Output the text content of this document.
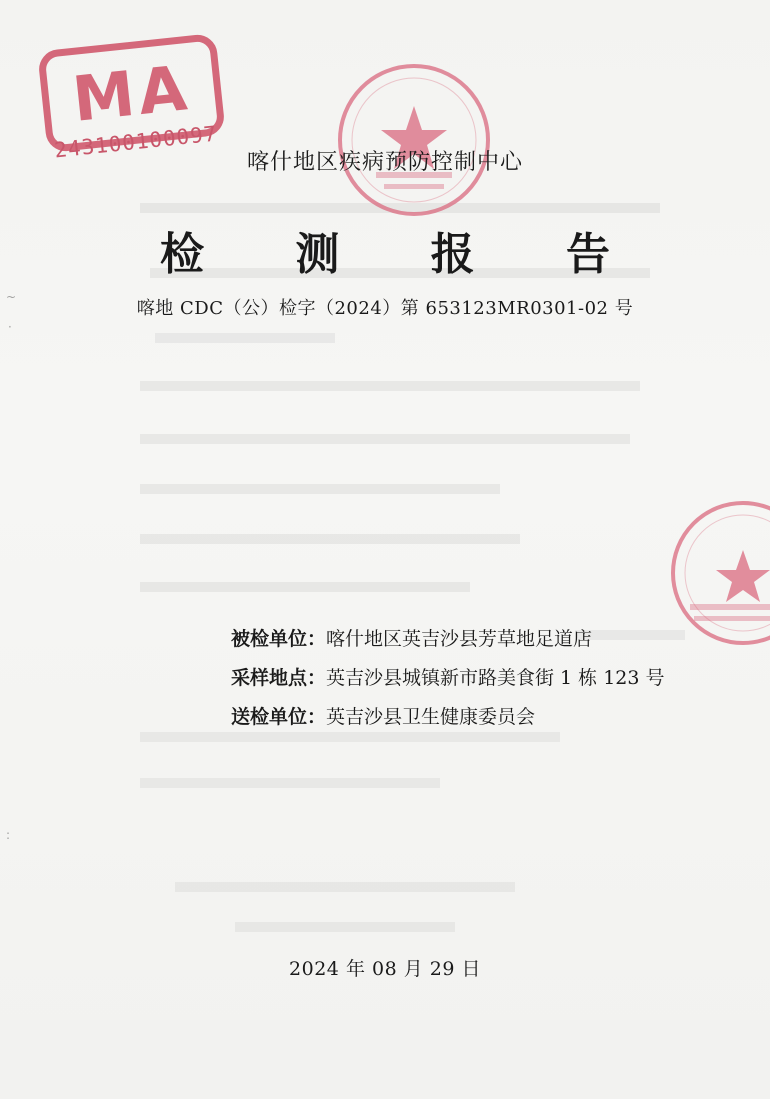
MA
243100100097
喀什地区疾病预防控制中心
检 测 报 告
喀地 CDC（公）检字（2024）第 653123MR0301-02 号
被检单位：喀什地区英吉沙县芳草地足道店
采样地点：英吉沙县城镇新市路美食街 1 栋 123 号
送检单位：英吉沙县卫生健康委员会
2024 年 08 月 29 日
~
·
:
